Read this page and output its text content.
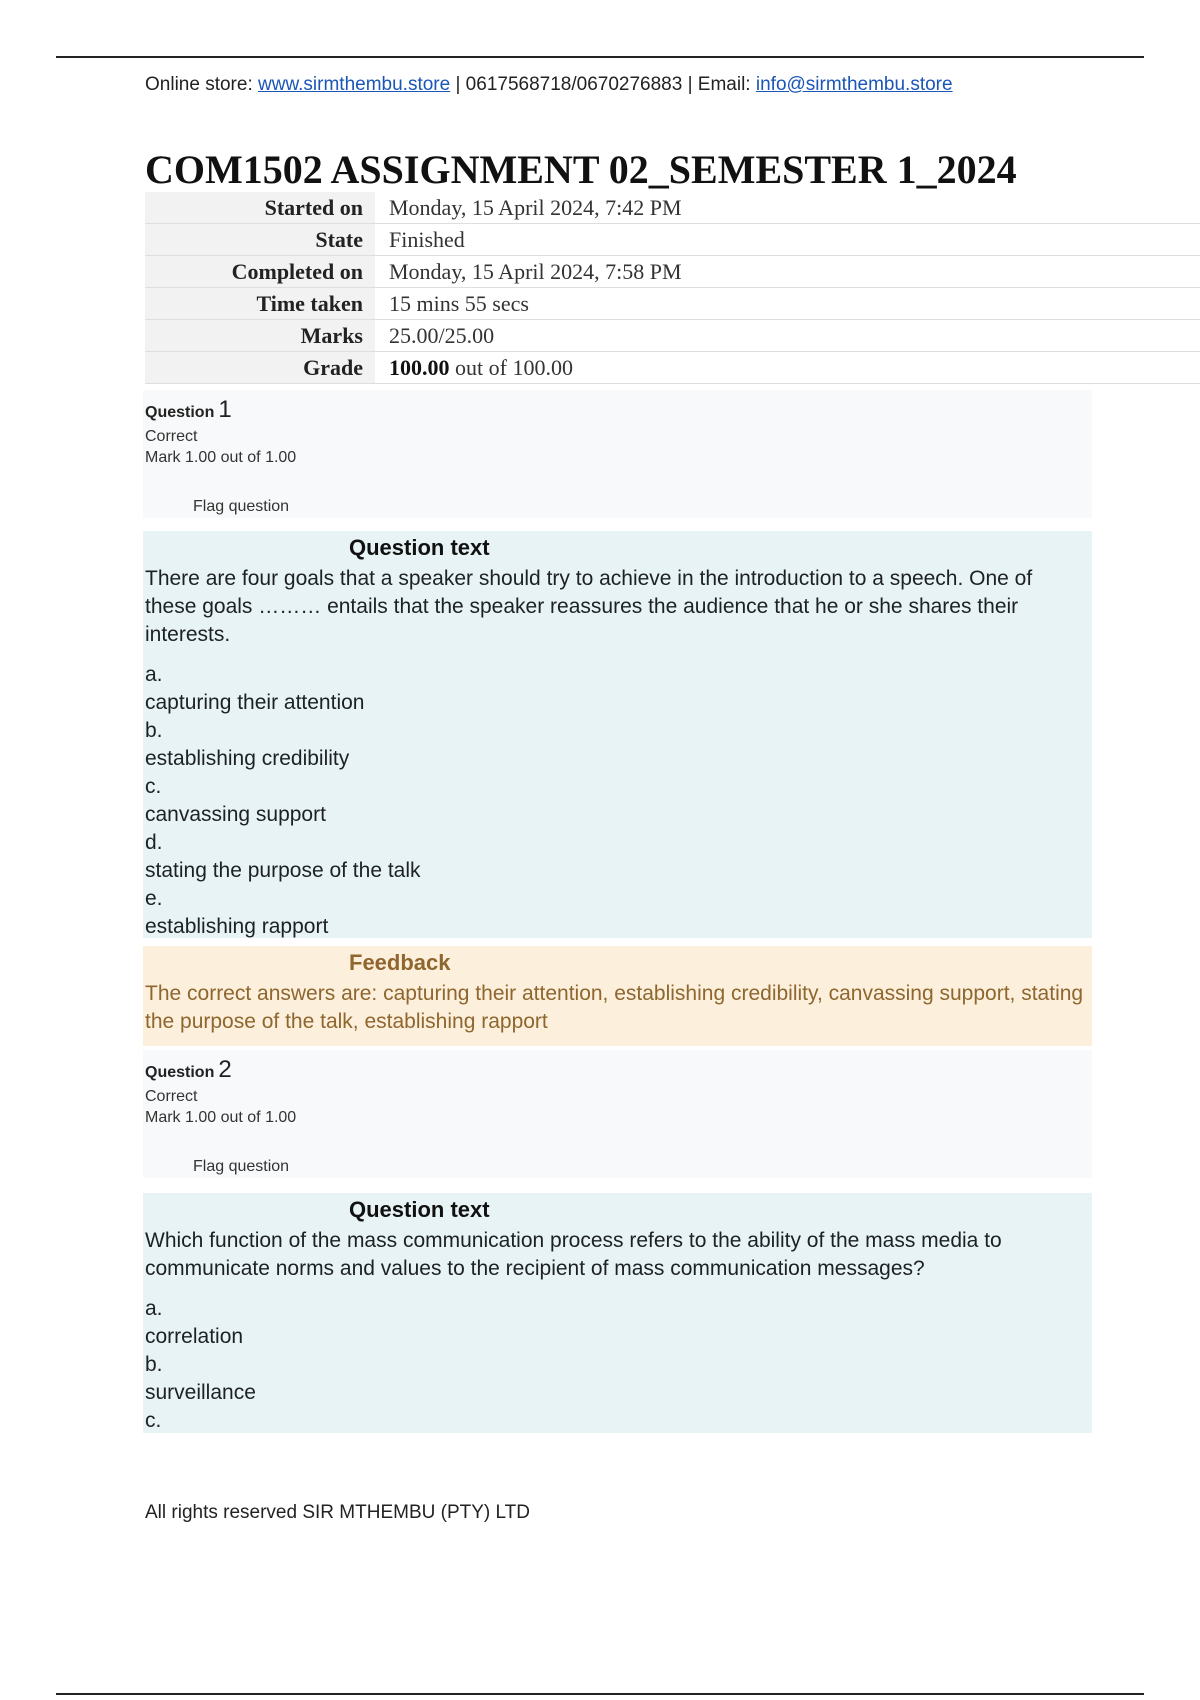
Online store: www.sirmthembu.store | 0617568718/0670276883 | Email: info@sirmthembu.store
COM1502 ASSIGNMENT 02_SEMESTER 1_2024
Started on	Monday, 15 April 2024, 7:42 PM
State	Finished
Completed on	Monday, 15 April 2024, 7:58 PM
Time taken	15 mins 55 secs
Marks	25.00/25.00
Grade	100.00 out of 100.00
Question 1
Correct
Mark 1.00 out of 1.00
Flag question
Question text
There are four goals that a speaker should try to achieve in the introduction to a speech. One of these goals ……… entails that the speaker reassures the audience that he or she shares their interests.
a.
capturing their attention
b.
establishing credibility
c.
canvassing support
d.
stating the purpose of the talk
e.
establishing rapport
Feedback
The correct answers are: capturing their attention, establishing credibility, canvassing support, stating the purpose of the talk, establishing rapport
Question 2
Correct
Mark 1.00 out of 1.00
Flag question
Question text
Which function of the mass communication process refers to the ability of the mass media to communicate norms and values to the recipient of mass communication messages?
a.
correlation
b.
surveillance
c.
All rights reserved SIR MTHEMBU (PTY) LTD
